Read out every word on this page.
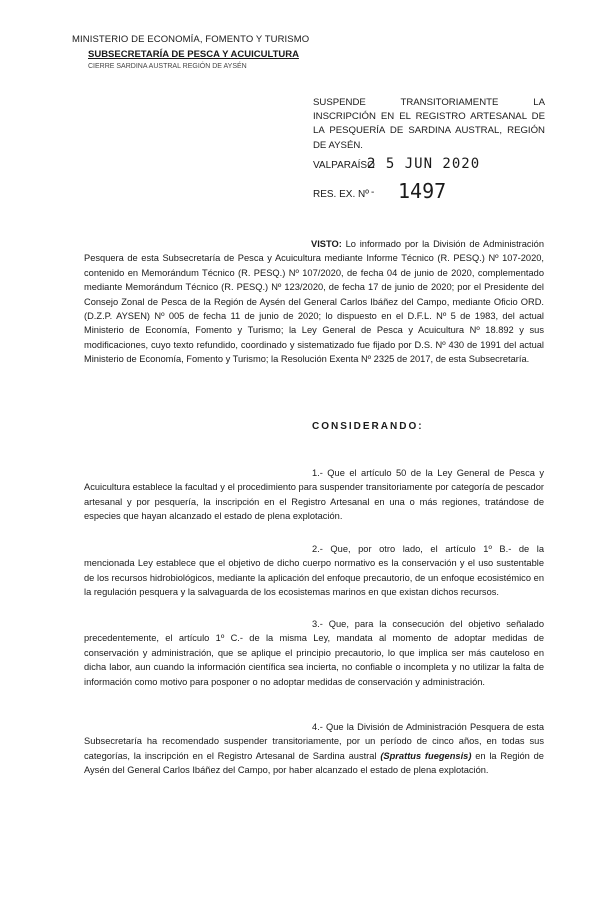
MINISTERIO DE ECONOMÍA, FOMENTO Y TURISMO
SUBSECRETARÍA DE PESCA Y ACUICULTURA
CIERRE SARDINA AUSTRAL REGIÓN DE AYSÉN
SUSPENDE TRANSITORIAMENTE LA INSCRIPCIÓN EN EL REGISTRO ARTESANAL DE LA PESQUERÍA DE SARDINA AUSTRAL, REGIÓN DE AYSÉN.
VALPARAÍSO
2 5 JUN 2020
RES. EX. Nº - 1497
VISTO: Lo informado por la División de Administración Pesquera de esta Subsecretaría de Pesca y Acuicultura mediante Informe Técnico (R. PESQ.) Nº 107-2020, contenido en Memorándum Técnico (R. PESQ.) Nº 107/2020, de fecha 04 de junio de 2020, complementado mediante Memorándum Técnico (R. PESQ.) Nº 123/2020, de fecha 17 de junio de 2020; por el Presidente del Consejo Zonal de Pesca de la Región de Aysén del General Carlos Ibáñez del Campo, mediante Oficio ORD. (D.Z.P. AYSEN) Nº 005 de fecha 11 de junio de 2020; lo dispuesto en el D.F.L. Nº 5 de 1983, del actual Ministerio de Economía, Fomento y Turismo; la Ley General de Pesca y Acuicultura Nº 18.892 y sus modificaciones, cuyo texto refundido, coordinado y sistematizado fue fijado por D.S. Nº 430 de 1991 del actual Ministerio de Economía, Fomento y Turismo; la Resolución Exenta Nº 2325 de 2017, de esta Subsecretaría.
CONSIDERANDO:
1.- Que el artículo 50 de la Ley General de Pesca y Acuicultura establece la facultad y el procedimiento para suspender transitoriamente por categoría de pescador artesanal y por pesquería, la inscripción en el Registro Artesanal en una o más regiones, tratándose de especies que hayan alcanzado el estado de plena explotación.
2.- Que, por otro lado, el artículo 1º B.- de la mencionada Ley establece que el objetivo de dicho cuerpo normativo es la conservación y el uso sustentable de los recursos hidrobiológicos, mediante la aplicación del enfoque precautorio, de un enfoque ecosistémico en la regulación pesquera y la salvaguarda de los ecosistemas marinos en que existan dichos recursos.
3.- Que, para la consecución del objetivo señalado precedentemente, el artículo 1º C.- de la misma Ley, mandata al momento de adoptar medidas de conservación y administración, que se aplique el principio precautorio, lo que implica ser más cauteloso en dicha labor, aun cuando la información científica sea incierta, no confiable o incompleta y no utilizar la falta de información como motivo para posponer o no adoptar medidas de conservación y administración.
4.- Que la División de Administración Pesquera de esta Subsecretaría ha recomendado suspender transitoriamente, por un período de cinco años, en todas sus categorías, la inscripción en el Registro Artesanal de Sardina austral (Sprattus fuegensis) en la Región de Aysén del General Carlos Ibáñez del Campo, por haber alcanzado el estado de plena explotación.
